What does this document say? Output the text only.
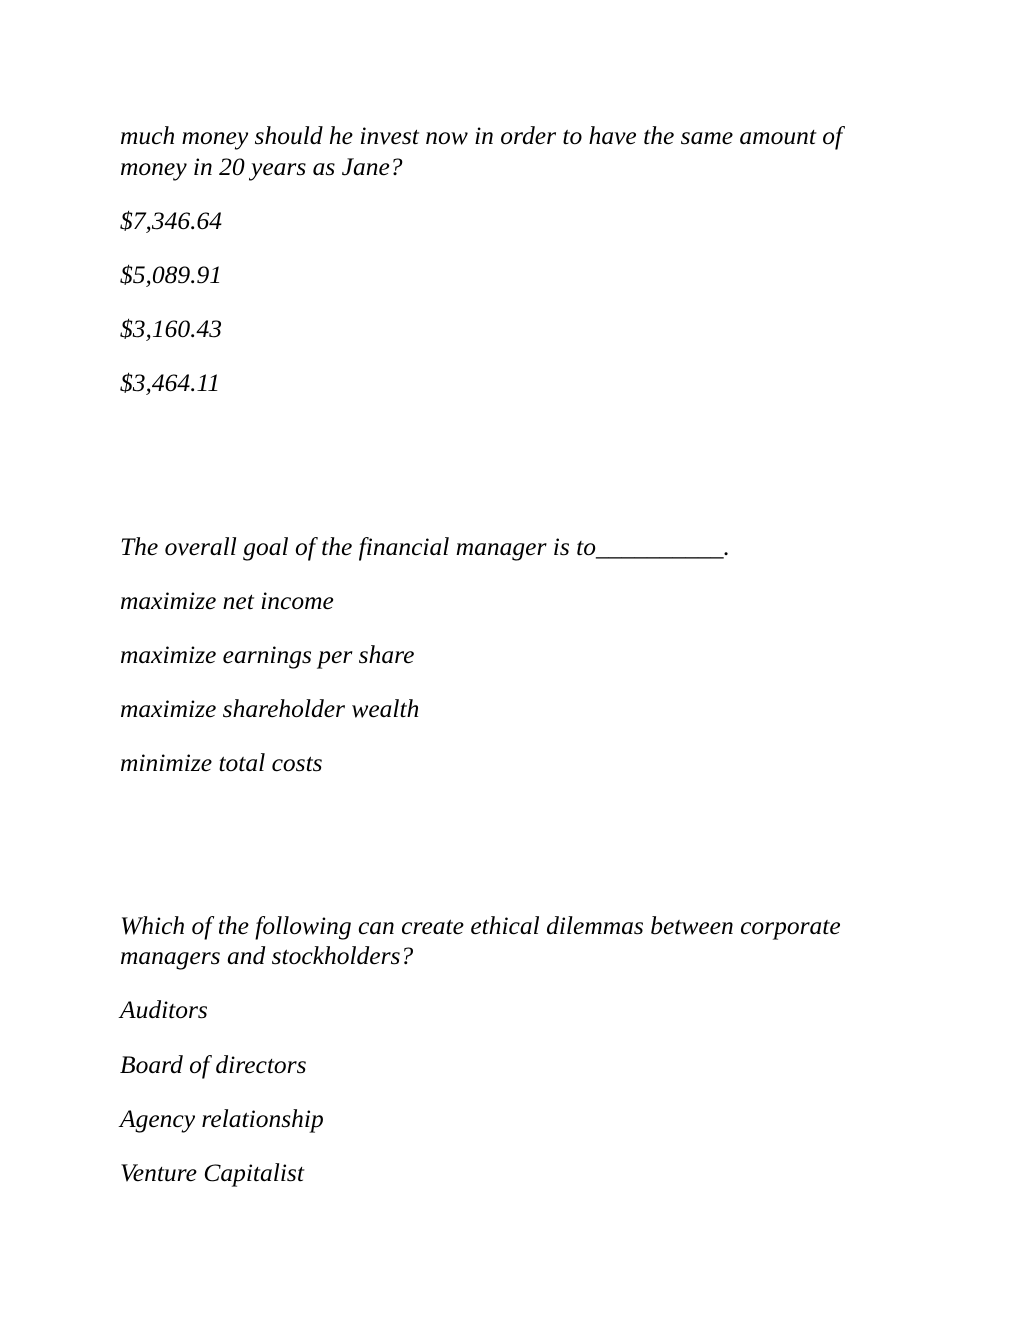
much money should he invest now in order to have the same amount of
money in 20 years as Jane?
$7,346.64
$5,089.91
$3,160.43
$3,464.11
The overall goal of the financial manager is to__________.
maximize net income
maximize earnings per share
maximize shareholder wealth
minimize total costs
Which of the following can create ethical dilemmas between corporate
managers and stockholders?
Auditors
Board of directors
Agency relationship
Venture Capitalist
